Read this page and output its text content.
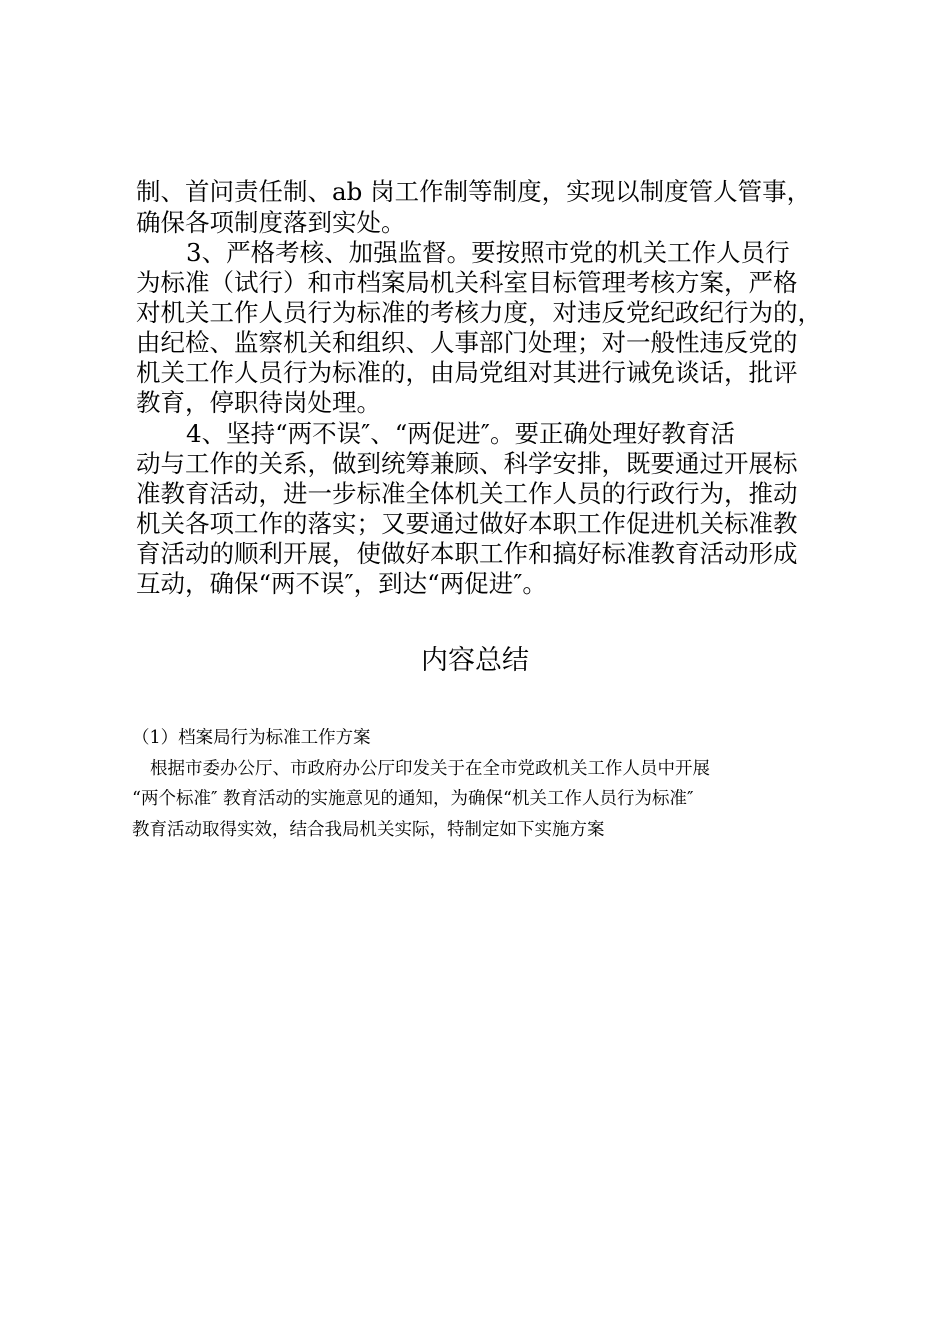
制、首问责任制、ab 岗工作制等制度，实现以制度管人管事，
确保各项制度落到实处。
3、严格考核、加强监督。要按照市党的机关工作人员行
为标准（试行）和市档案局机关科室目标管理考核方案，严格
对机关工作人员行为标准的考核力度，对违反党纪政纪行为的，
由纪检、监察机关和组织、人事部门处理；对一般性违反党的
机关工作人员行为标准的，由局党组对其进行诫免谈话，批评
教育，停职待岗处理。
4、坚持“两不误″、“两促进″。要正确处理好教育活
动与工作的关系，做到统筹兼顾、科学安排，既要通过开展标
准教育活动，进一步标准全体机关工作人员的行政行为，推动
机关各项工作的落实；又要通过做好本职工作促进机关标准教
育活动的顺利开展，使做好本职工作和搞好标准教育活动形成
互动，确保“两不误″，到达“两促进″。
内容总结
（1）档案局行为标准工作方案
根据市委办公厅、市政府办公厅印发关于在全市党政机关工作人员中开展
“两个标准″ 教育活动的实施意见的通知，为确保“机关工作人员行为标准″
教育活动取得实效，结合我局机关实际，特制定如下实施方案
